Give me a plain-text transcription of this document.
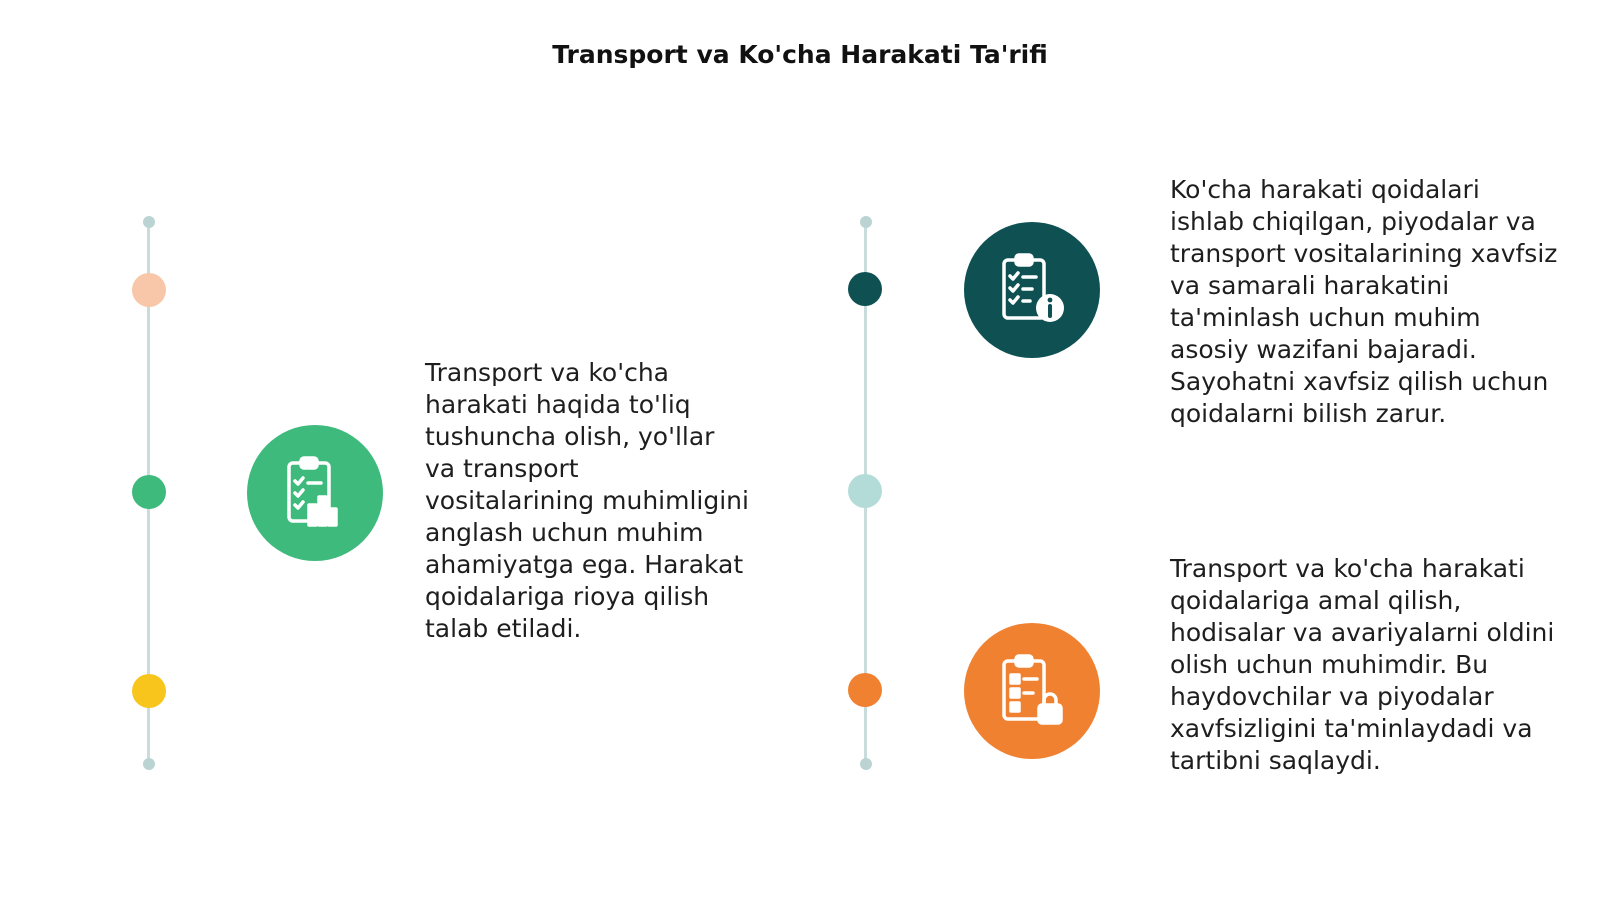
Transport va Ko'cha Harakati Ta'rifi
Transport va ko'cha harakati haqida to'liq tushuncha olish, yo'llar va transport vositalarining muhimligini anglash uchun muhim ahamiyatga ega. Harakat qoidalariga rioya qilish talab etiladi.
Ko'cha harakati qoidalari ishlab chiqilgan, piyodalar va transport vositalarining xavfsiz va samarali harakatini ta'minlash uchun muhim asosiy wazifani bajaradi. Sayohatni xavfsiz qilish uchun qoidalarni bilish zarur.
Transport va ko'cha harakati qoidalariga amal qilish, hodisalar va avariyalarni oldini olish uchun muhimdir. Bu haydovchilar va piyodalar xavfsizligini ta'minlaydadi va tartibni saqlaydi.
